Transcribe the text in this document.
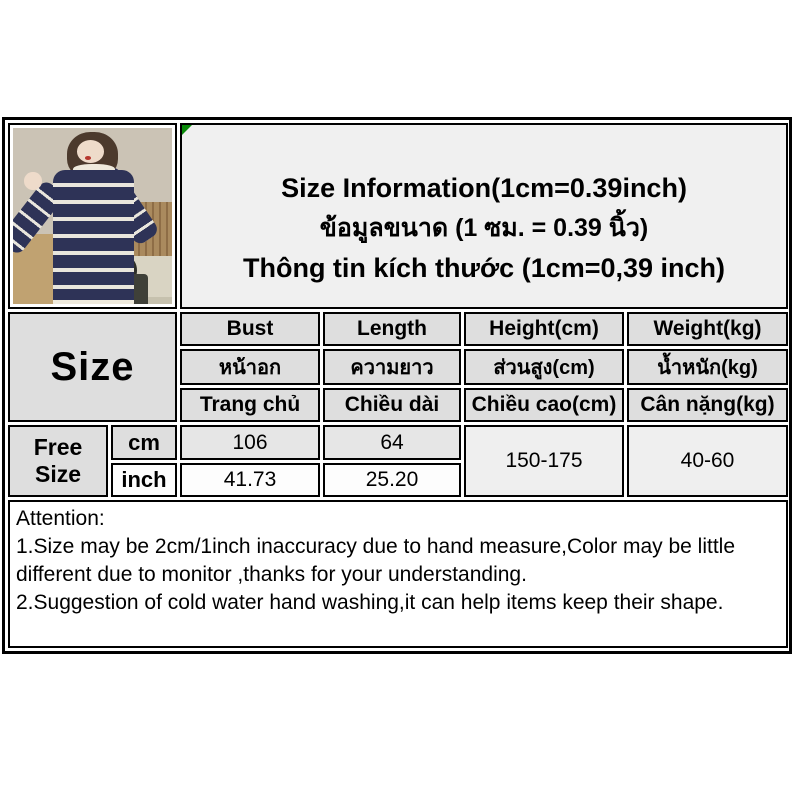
		Size Information(1cm=0.39inch)
ข้อมูลขนาด (1 ซม. = 0.39 นิ้ว)
Thông tin kích thước (1cm=0,39 inch)			

Size		Bust	Length	Height(cm)	Weight(kg)
		หน้าอก	ความยาว	ส่วนสูง(cm)	น้ำหนัก(kg)
		Trang chủ	Chiều dài	Chiều cao(cm)	Cân nặng(kg)
Free Size	cm	106	64	150-175	40-60
	inch	41.73	25.20		

Attention:
1.Size may be 2cm/1inch inaccuracy due to hand measure,Color may be little different due to monitor ,thanks for your understanding.
2.Suggestion of cold water hand washing,it can help items keep their shape.					
